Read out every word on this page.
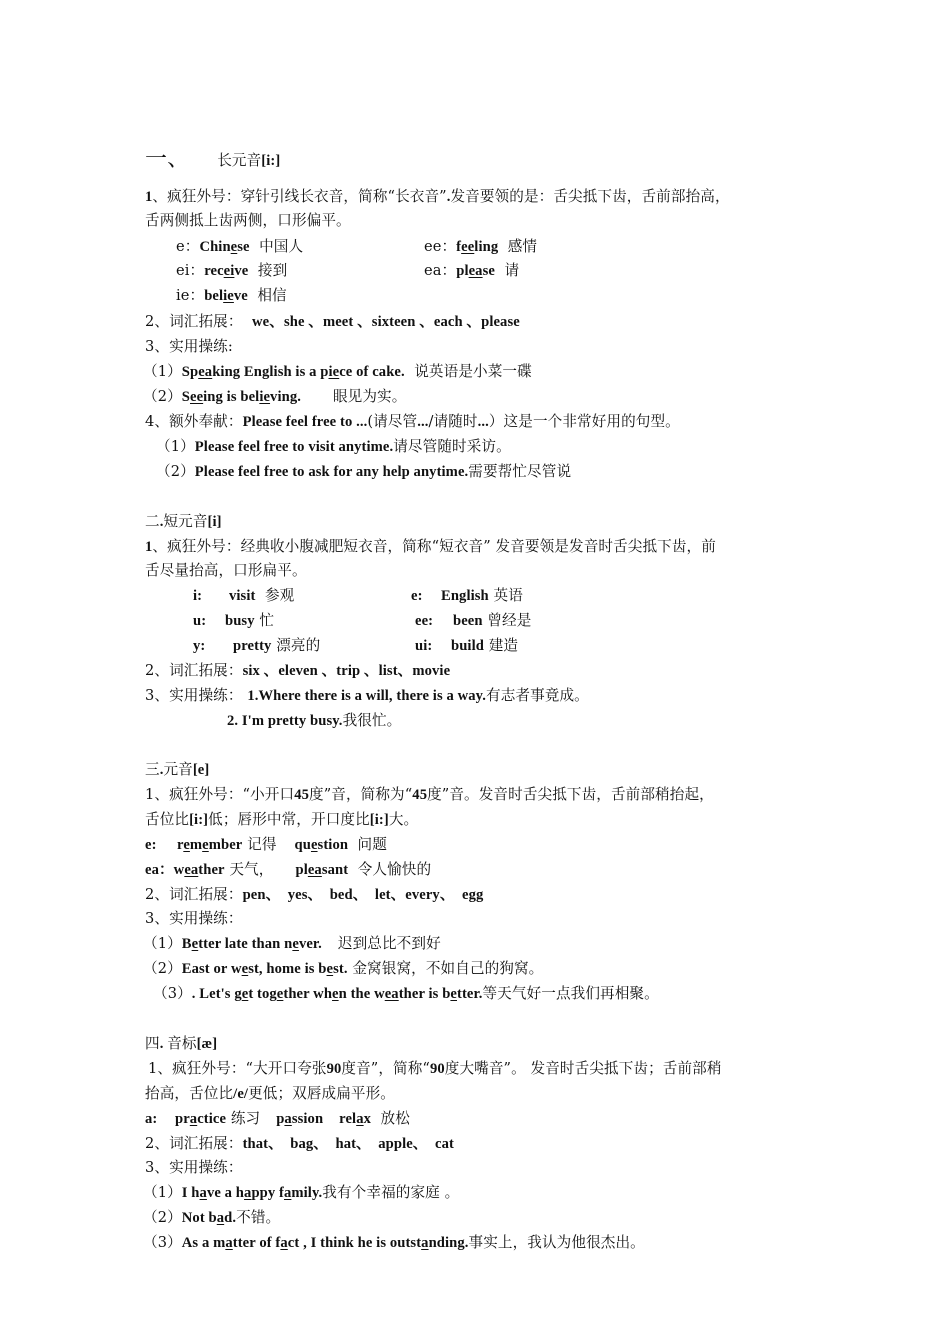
一、 长元音[i:]
1、疯狂外号：穿针引线长衣音，简称“长衣音”.发音要领的是：舌尖抵下齿，舌前部抬高，
舌两侧抵上齿两侧，口形偏平。
e：Chinese 中国人	ee：feeling 感情
ei：receive 接到	ea：please 请
ie：believe 相信
2、词汇拓展： we、she 、meet 、sixteen 、each 、please
3、实用操练:
（1）Speaking English is a piece of cake. 说英语是小菜一碟
（2）Seeing is believing. 眼见为实。
4、额外奉献：Please feel free to ...(请尽管.../请随时...）这是一个非常好用的句型。
（1）Please feel free to visit anytime.请尽管随时采访。
（2）Please feel free to ask for any help anytime.需要帮忙尽管说
二.短元音[i]
1、疯狂外号：经典收小腹减肥短衣音，简称“短衣音” 发音要领是发音时舌尖抵下齿，前
舌尽量抬高，口形扁平。
i: visit 参观	e: English 英语
u: busy 忙	ee: been 曾经是
y: pretty 漂亮的	ui: build 建造
2、词汇拓展：six 、eleven 、trip 、list、movie
3、实用操练： 1.Where there is a will, there is a way.有志者事竟成。
2. I'm pretty busy.我很忙。
三.元音[e]
1、疯狂外号：“小开口45度”音，简称为“45度”音。发音时舌尖抵下齿，舌前部稍抬起，
舌位比[i:]低；唇形中常，开口度比[i:]大。
e: remember 记得 question 问题
ea：weather 天气， pleasant 令人愉快的
2、词汇拓展：pen、  yes、  bed、  let、every、  egg
3、实用操练：
（1）Better late than never. 迟到总比不到好
（2）East or west, home is best. 金窝银窝，不如自己的狗窝。
（3）. Let's get together when the weather is better.等天气好一点我们再相聚。
四. 音标[æ]
1、疯狂外号：“大开口夸张90度音”，简称“90度大嘴音”。 发音时舌尖抵下齿；舌前部稍
抬高，舌位比/e/更低；双唇成扁平形。
a: practice 练习 passion relax 放松
2、词汇拓展：that、  bag、  hat、  apple、  cat
3、实用操练：
（1）I have a happy family.我有个幸福的家庭 。
（2）Not bad.不错。
（3）As a matter of fact , I think he is outstanding.事实上，我认为他很杰出。
